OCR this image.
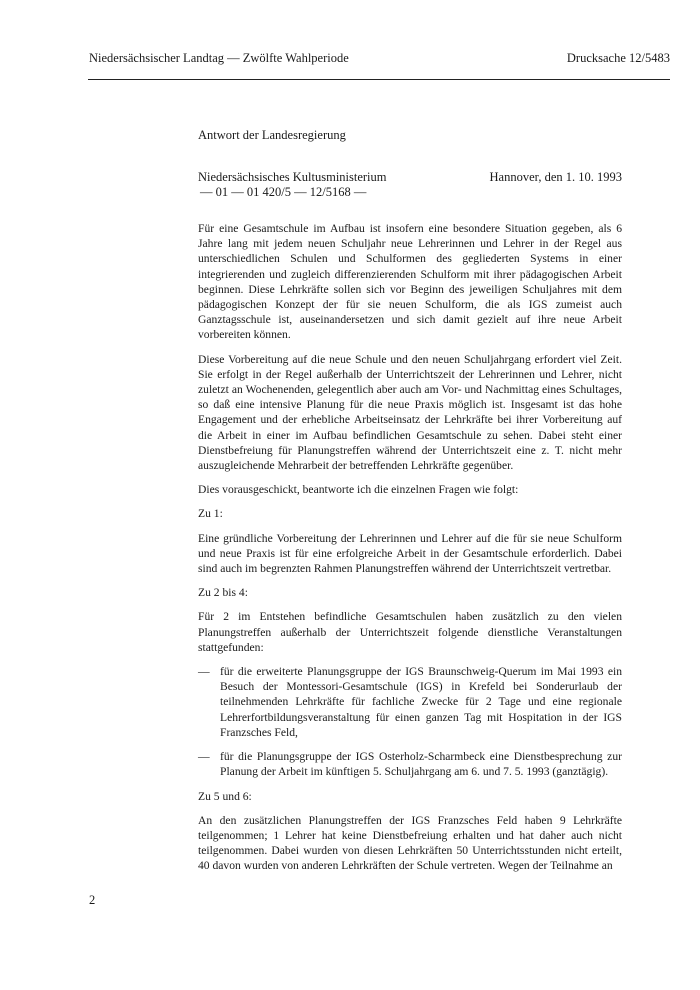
Niedersächsischer Landtag — Zwölfte Wahlperiode	Drucksache 12/5483
Antwort der Landesregierung
Niedersächsisches Kultusministerium
— 01 — 01 420/5 — 12/5168 —
Hannover, den 1. 10. 1993

Für eine Gesamtschule im Aufbau ist insofern eine besondere Situation gegeben, als 6 Jahre lang mit jedem neuen Schuljahr neue Lehrerinnen und Lehrer in der Regel aus unterschiedlichen Schulen und Schulformen des gegliederten Systems in einer integrierenden und zugleich differenzierenden Schulform mit ihrer pädagogischen Arbeit beginnen. Diese Lehrkräfte sollen sich vor Beginn des jeweiligen Schuljahres mit dem pädagogischen Konzept der für sie neuen Schulform, die als IGS zumeist auch Ganztagsschule ist, auseinandersetzen und sich damit gezielt auf ihre neue Arbeit vorbereiten können.

Diese Vorbereitung auf die neue Schule und den neuen Schuljahrgang erfordert viel Zeit. Sie erfolgt in der Regel außerhalb der Unterrichtszeit der Lehrerinnen und Lehrer, nicht zuletzt an Wochenenden, gelegentlich aber auch am Vor- und Nachmittag eines Schultages, so daß eine intensive Planung für die neue Praxis möglich ist. Insgesamt ist das hohe Engagement und der erhebliche Arbeitseinsatz der Lehrkräfte bei ihrer Vorbereitung auf die Arbeit in einer im Aufbau befindlichen Gesamtschule zu sehen. Dabei steht einer Dienstbefreiung für Planungstreffen während der Unterrichtszeit eine z. T. nicht mehr auszugleichende Mehrarbeit der betreffenden Lehrkräfte gegenüber.

Dies vorausgeschickt, beantworte ich die einzelnen Fragen wie folgt:

Zu 1:

Eine gründliche Vorbereitung der Lehrerinnen und Lehrer auf die für sie neue Schulform und neue Praxis ist für eine erfolgreiche Arbeit in der Gesamtschule erforderlich. Dabei sind auch im begrenzten Rahmen Planungstreffen während der Unterrichtszeit vertretbar.

Zu 2 bis 4:

Für 2 im Entstehen befindliche Gesamtschulen haben zusätzlich zu den vielen Planungstreffen außerhalb der Unterrichtszeit folgende dienstliche Veranstaltungen stattgefunden:

— für die erweiterte Planungsgruppe der IGS Braunschweig-Querum im Mai 1993 ein Besuch der Montessori-Gesamtschule (IGS) in Krefeld bei Sonderurlaub der teilnehmenden Lehrkräfte für fachliche Zwecke für 2 Tage und eine regionale Lehrerfortbildungsveranstaltung für einen ganzen Tag mit Hospitation in der IGS Franzsches Feld,
— für die Planungsgruppe der IGS Osterholz-Scharmbeck eine Dienstbesprechung zur Planung der Arbeit im künftigen 5. Schuljahrgang am 6. und 7. 5. 1993 (ganztägig).

Zu 5 und 6:

An den zusätzlichen Planungstreffen der IGS Franzsches Feld haben 9 Lehrkräfte teilgenommen; 1 Lehrer hat keine Dienstbefreiung erhalten und hat daher auch nicht teilgenommen. Dabei wurden von diesen Lehrkräften 50 Unterrichtsstunden nicht erteilt, 40 davon wurden von anderen Lehrkräften der Schule vertreten. Wegen der Teilnahme an

2
